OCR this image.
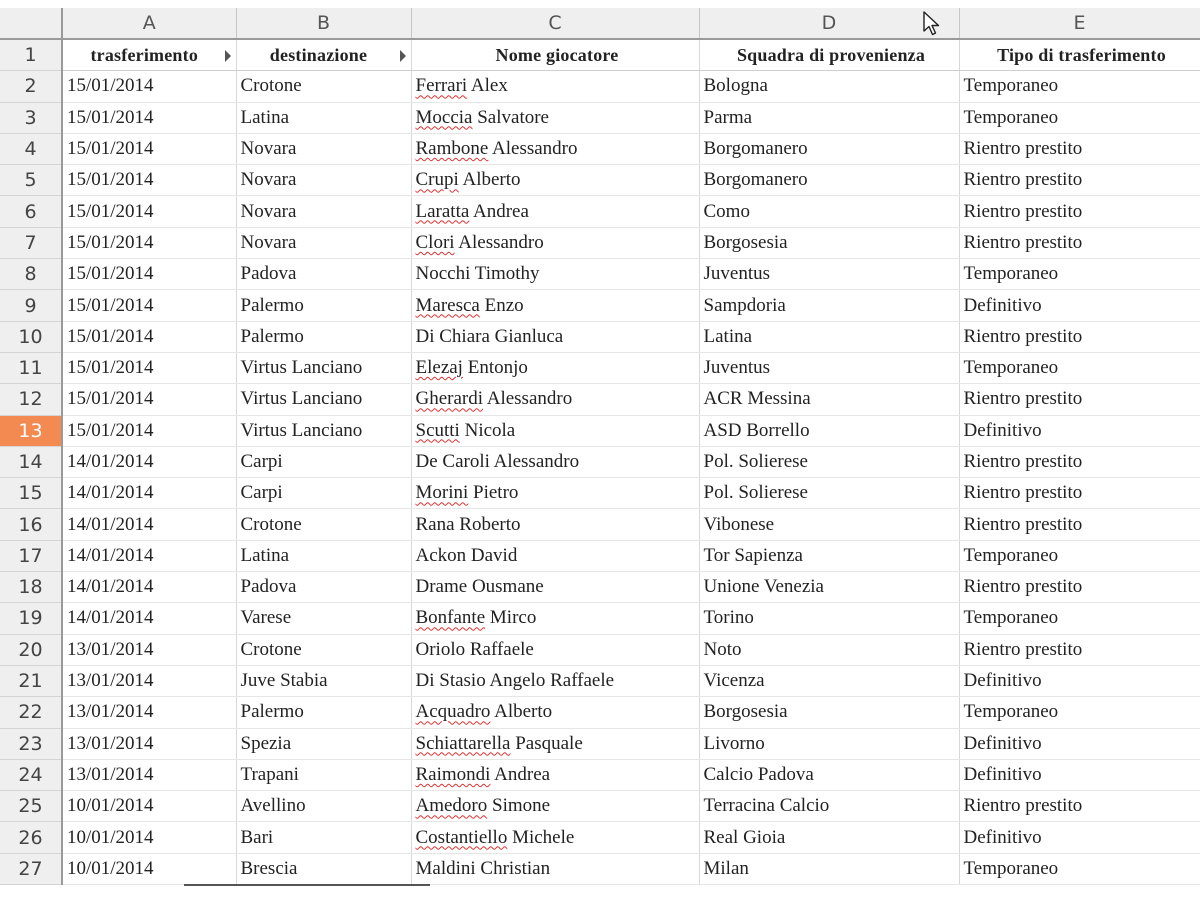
	A	B	C	D	E
1	trasferimento	destinazione	Nome giocatore	Squadra di provenienza	Tipo di trasferimento
2	15/01/2014	Crotone	Ferrari Alex	Bologna	Temporaneo
3	15/01/2014	Latina	Moccia Salvatore	Parma	Temporaneo
4	15/01/2014	Novara	Rambone Alessandro	Borgomanero	Rientro prestito
5	15/01/2014	Novara	Crupi Alberto	Borgomanero	Rientro prestito
6	15/01/2014	Novara	Laratta Andrea	Como	Rientro prestito
7	15/01/2014	Novara	Clori Alessandro	Borgosesia	Rientro prestito
8	15/01/2014	Padova	Nocchi Timothy	Juventus	Temporaneo
9	15/01/2014	Palermo	Maresca Enzo	Sampdoria	Definitivo
10	15/01/2014	Palermo	Di Chiara Gianluca	Latina	Rientro prestito
11	15/01/2014	Virtus Lanciano	Elezaj Entonjo	Juventus	Temporaneo
12	15/01/2014	Virtus Lanciano	Gherardi Alessandro	ACR Messina	Rientro prestito
13	15/01/2014	Virtus Lanciano	Scutti Nicola	ASD Borrello	Definitivo
14	14/01/2014	Carpi	De Caroli Alessandro	Pol. Solierese	Rientro prestito
15	14/01/2014	Carpi	Morini Pietro	Pol. Solierese	Rientro prestito
16	14/01/2014	Crotone	Rana Roberto	Vibonese	Rientro prestito
17	14/01/2014	Latina	Ackon David	Tor Sapienza	Temporaneo
18	14/01/2014	Padova	Drame Ousmane	Unione Venezia	Rientro prestito
19	14/01/2014	Varese	Bonfante Mirco	Torino	Temporaneo
20	13/01/2014	Crotone	Oriolo Raffaele	Noto	Rientro prestito
21	13/01/2014	Juve Stabia	Di Stasio Angelo Raffaele	Vicenza	Definitivo
22	13/01/2014	Palermo	Acquadro Alberto	Borgosesia	Temporaneo
23	13/01/2014	Spezia	Schiattarella Pasquale	Livorno	Definitivo
24	13/01/2014	Trapani	Raimondi Andrea	Calcio Padova	Definitivo
25	10/01/2014	Avellino	Amedoro Simone	Terracina Calcio	Rientro prestito
26	10/01/2014	Bari	Costantiello Michele	Real Gioia	Definitivo
27	10/01/2014	Brescia	Maldini Christian	Milan	Temporaneo
